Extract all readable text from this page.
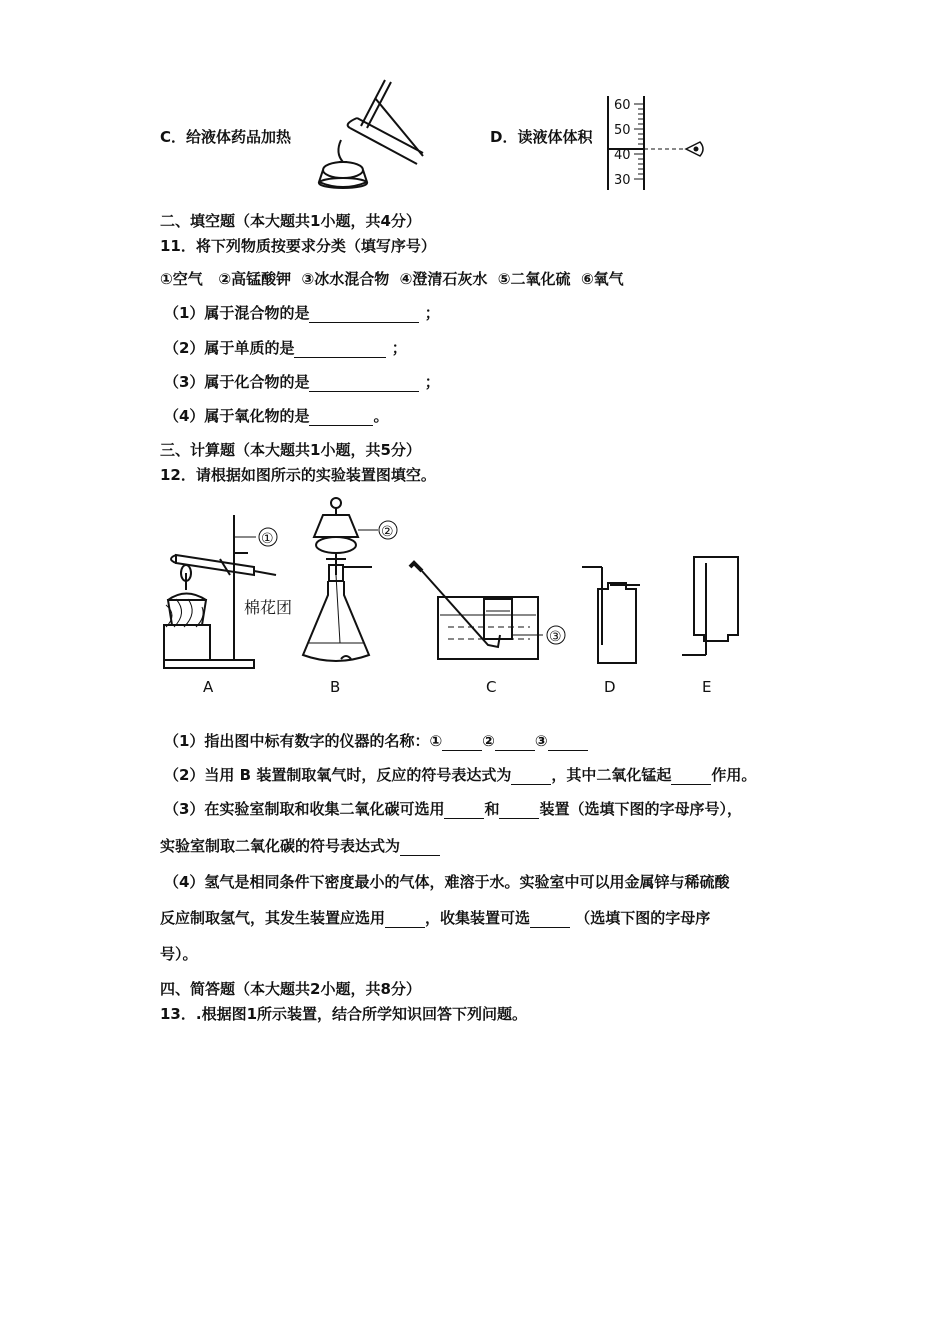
C．给液体药品加热	D．读液体体积
60
50
40
30
二、填空题（本大题共1小题，共4分）
11．将下列物质按要求分类（填写序号）
①空气   ②高锰酸钾  ③冰水混合物  ④澄清石灰水  ⑤二氧化硫  ⑥氧气
（1）属于混合物的是	；
（2）属于单质的是	；
（3）属于化合物的是	；
（4）属于氧化物的是	。
三、计算题（本大题共1小题，共5分）
12．请根据如图所示的实验装置图填空。
棉花团
①
A
②
B
③
C	D	E
（1）指出图中标有数字的仪器的名称：①	②	③
（2）当用 B 装置制取氧气时，反应的符号表达式为	，其中二氧化锰起	作用。
（3）在实验室制取和收集二氧化碳可选用	和	装置（选填下图的字母序号），
实验室制取二氧化碳的符号表达式为
（4）氢气是相同条件下密度最小的气体，难溶于水。实验室中可以用金属锌与稀硫酸
反应制取氢气，其发生装置应选用	，收集装置可选	（选填下图的字母序
号）。
四、简答题（本大题共2小题，共8分）
13．.根据图1所示装置，结合所学知识回答下列问题。
